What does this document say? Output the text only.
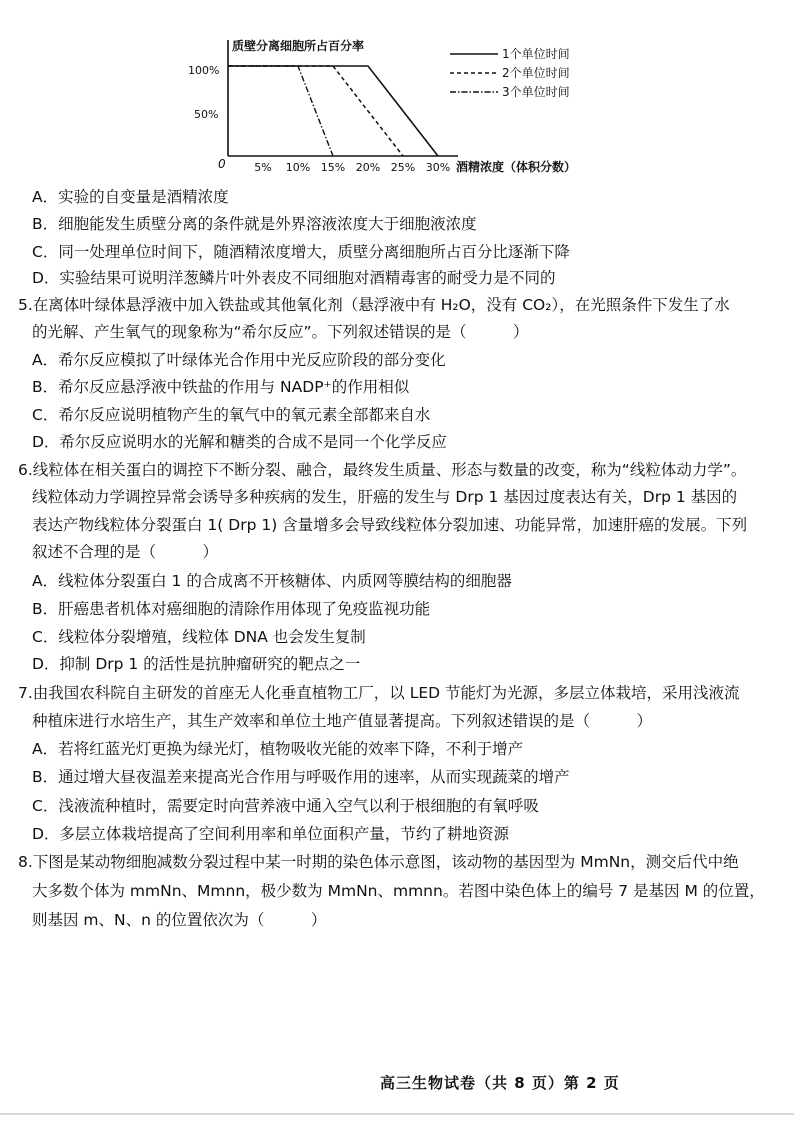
质壁分离细胞所占百分率
0
100%
50%
5% 10% 15% 20% 25% 30% 酒精浓度（体积分数）
1个单位时间
2个单位时间
3个单位时间
A．实验的自变量是酒精浓度
B．细胞能发生质壁分离的条件就是外界溶液浓度大于细胞液浓度
C．同一处理单位时间下，随酒精浓度增大，质壁分离细胞所占百分比逐渐下降
D．实验结果可说明洋葱鳞片叶外表皮不同细胞对酒精毒害的耐受力是不同的
5.在离体叶绿体悬浮液中加入铁盐或其他氧化剂（悬浮液中有 H₂O，没有 CO₂），在光照条件下发生了水
的光解、产生氧气的现象称为“希尔反应”。下列叙述错误的是（　　　）
A．希尔反应模拟了叶绿体光合作用中光反应阶段的部分变化
B．希尔反应悬浮液中铁盐的作用与 NADP⁺的作用相似
C．希尔反应说明植物产生的氧气中的氧元素全部都来自水
D．希尔反应说明水的光解和糖类的合成不是同一个化学反应
6.线粒体在相关蛋白的调控下不断分裂、融合，最终发生质量、形态与数量的改变，称为“线粒体动力学”。
线粒体动力学调控异常会诱导多种疾病的发生，肝癌的发生与 Drp 1 基因过度表达有关，Drp 1 基因的
表达产物线粒体分裂蛋白 1( Drp 1) 含量增多会导致线粒体分裂加速、功能异常，加速肝癌的发展。下列
叙述不合理的是（　　　）
A．线粒体分裂蛋白 1 的合成离不开核糖体、内质网等膜结构的细胞器
B．肝癌患者机体对癌细胞的清除作用体现了免疫监视功能
C．线粒体分裂增殖，线粒体 DNA 也会发生复制
D．抑制 Drp 1 的活性是抗肿瘤研究的靶点之一
7.由我国农科院自主研发的首座无人化垂直植物工厂，以 LED 节能灯为光源，多层立体栽培，采用浅液流
种植床进行水培生产，其生产效率和单位土地产值显著提高。下列叙述错误的是（　　　）
A．若将红蓝光灯更换为绿光灯，植物吸收光能的效率下降，不利于增产
B．通过增大昼夜温差来提高光合作用与呼吸作用的速率，从而实现蔬菜的增产
C．浅液流种植时，需要定时向营养液中通入空气以利于根细胞的有氧呼吸
D．多层立体栽培提高了空间利用率和单位面积产量，节约了耕地资源
8.下图是某动物细胞减数分裂过程中某一时期的染色体示意图，该动物的基因型为 MmNn，测交后代中绝
大多数个体为 mmNn、Mmnn，极少数为 MmNn、mmnn。若图中染色体上的编号 7 是基因 M 的位置，
则基因 m、N、n 的位置依次为（　　　）
高三生物试卷（共 8 页）第 2 页
